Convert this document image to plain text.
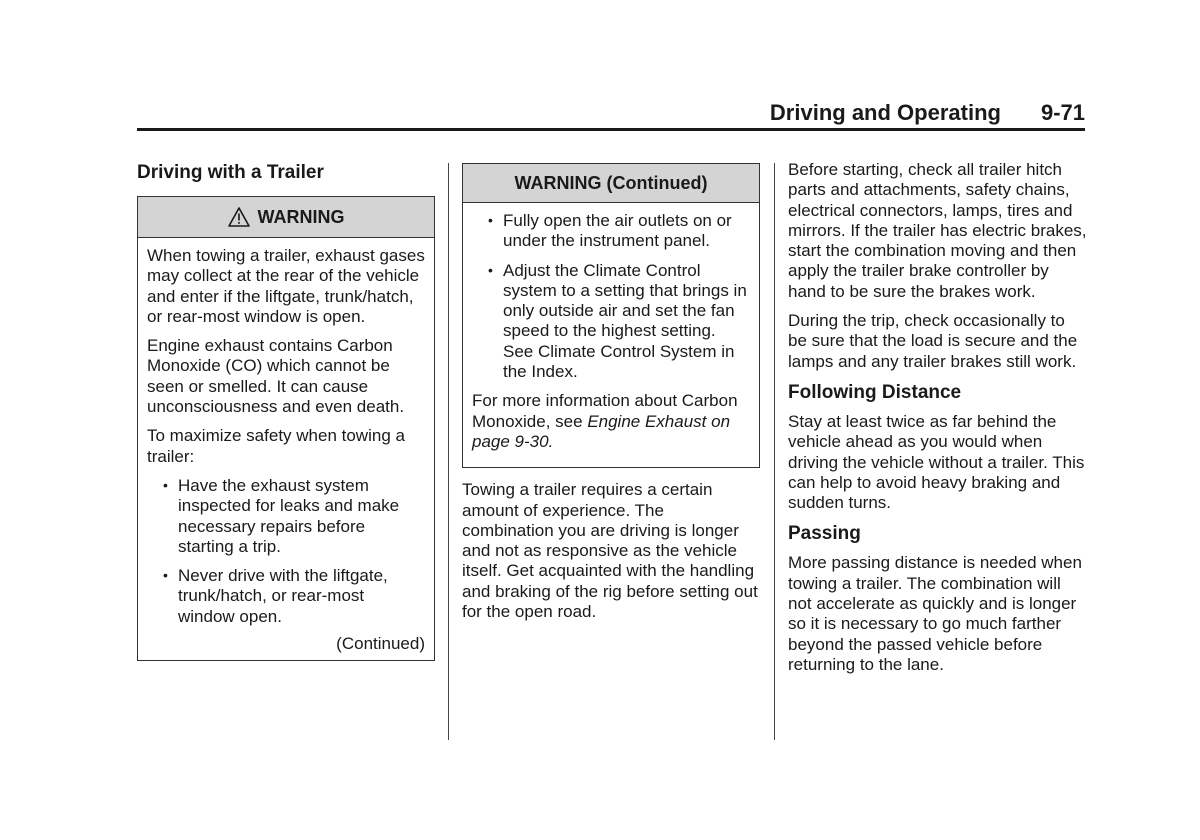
Driving and Operating 9-71
Driving with a Trailer
WARNING

When towing a trailer, exhaust gases may collect at the rear of the vehicle and enter if the liftgate, trunk/hatch, or rear-most window is open.

Engine exhaust contains Carbon Monoxide (CO) which cannot be seen or smelled. It can cause unconsciousness and even death.

To maximize safety when towing a trailer:

• Have the exhaust system inspected for leaks and make necessary repairs before starting a trip.
• Never drive with the liftgate, trunk/hatch, or rear-most window open.

(Continued)

WARNING (Continued)
• Fully open the air outlets on or under the instrument panel.
• Adjust the Climate Control system to a setting that brings in only outside air and set the fan speed to the highest setting. See Climate Control System in the Index.

For more information about Carbon Monoxide, see Engine Exhaust on page 9-30.

Towing a trailer requires a certain amount of experience. The combination you are driving is longer and not as responsive as the vehicle itself. Get acquainted with the handling and braking of the rig before setting out for the open road.

Before starting, check all trailer hitch parts and attachments, safety chains, electrical connectors, lamps, tires and mirrors. If the trailer has electric brakes, start the combination moving and then apply the trailer brake controller by hand to be sure the brakes work.

During the trip, check occasionally to be sure that the load is secure and the lamps and any trailer brakes still work.

Following Distance

Stay at least twice as far behind the vehicle ahead as you would when driving the vehicle without a trailer. This can help to avoid heavy braking and sudden turns.

Passing

More passing distance is needed when towing a trailer. The combination will not accelerate as quickly and is longer so it is necessary to go much farther beyond the passed vehicle before returning to the lane.
